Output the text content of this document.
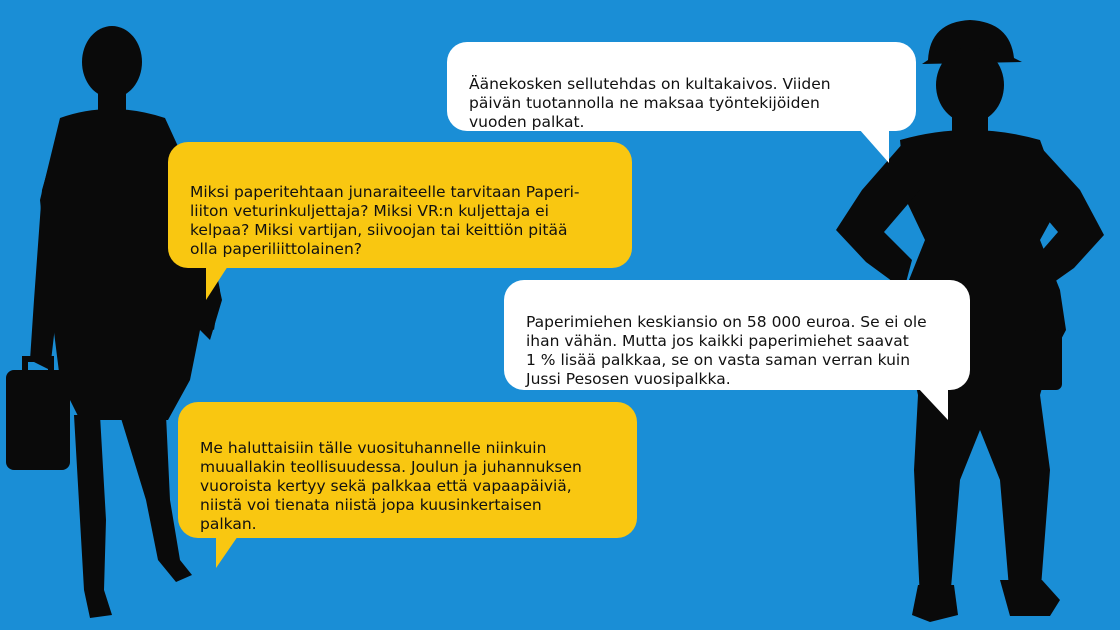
Äänekosken sellutehdas on kultakaivos. Viiden
päivän tuotannolla ne maksaa työntekijöiden
vuoden palkat.

Miksi paperitehtaan junaraiteelle tarvitaan Paperi-
liiton veturinkuljettaja? Miksi VR:n kuljettaja ei
kelpaa? Miksi vartijan, siivoojan tai keittiön pitää
olla paperiliittolainen?

Paperimiehen keskiansio on 58 000 euroa. Se ei ole
ihan vähän. Mutta jos kaikki paperimiehet saavat
1 % lisää palkkaa, se on vasta saman verran kuin
Jussi Pesosen vuosipalkka.

Me haluttaisiin tälle vuosituhannelle niinkuin
muuallakin teollisuudessa. Joulun ja juhannuksen
vuoroista kertyy sekä palkkaa että vapaapäiviä,
niistä voi tienata niistä jopa kuusinkertaisen
palkan.
